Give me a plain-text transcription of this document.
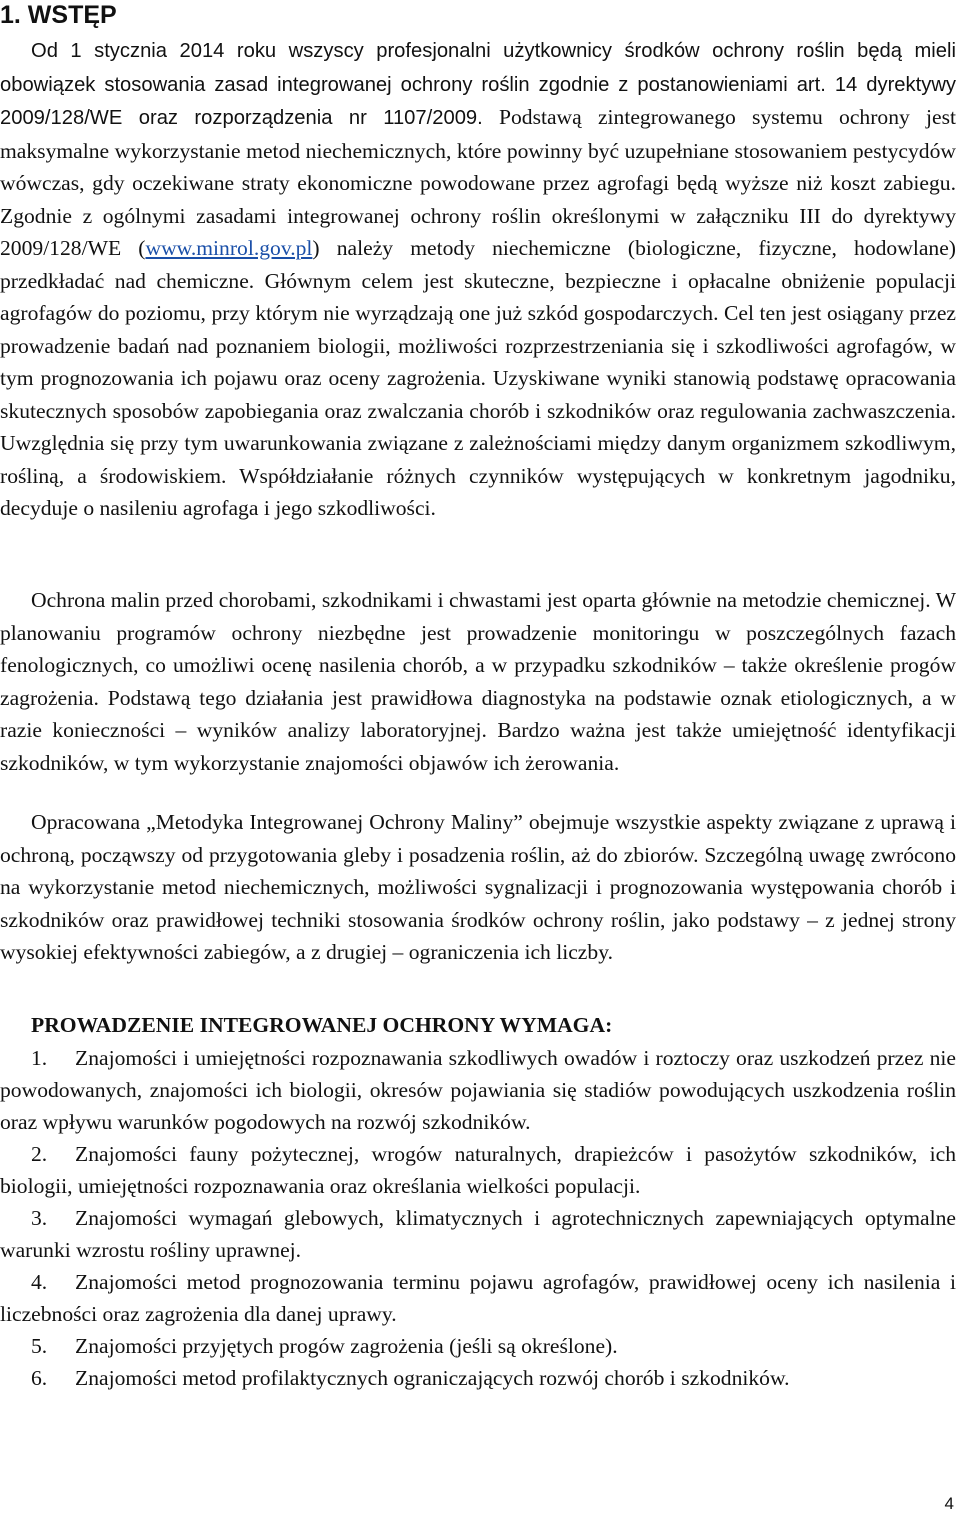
1. WSTĘP

Od 1 stycznia 2014 roku wszyscy profesjonalni użytkownicy środków ochrony roślin będą mieli obowiązek stosowania zasad integrowanej ochrony roślin zgodnie z postanowieniami art. 14 dyrektywy 2009/128/WE oraz rozporządzenia nr 1107/2009. Podstawą zintegrowanego systemu ochrony jest maksymalne wykorzystanie metod niechemicznych, które powinny być uzupełniane stosowaniem pestycydów wówczas, gdy oczekiwane straty ekonomiczne powodowane przez agrofagi będą wyższe niż koszt zabiegu. Zgodnie z ogólnymi zasadami integrowanej ochrony roślin określonymi w załączniku III do dyrektywy 2009/128/WE (www.minrol.gov.pl) należy metody niechemiczne (biologiczne, fizyczne, hodowlane) przedkładać nad chemiczne. Głównym celem jest skuteczne, bezpieczne i opłacalne obniżenie populacji agrofagów do poziomu, przy którym nie wyrządzają one już szkód gospodarczych. Cel ten jest osiągany przez prowadzenie badań nad poznaniem biologii, możliwości rozprzestrzeniania się i szkodliwości agrofagów, w tym prognozowania ich pojawu oraz oceny zagrożenia. Uzyskiwane wyniki stanowią podstawę opracowania skutecznych sposobów zapobiegania oraz zwalczania chorób i szkodników oraz regulowania zachwaszczenia. Uwzględnia się przy tym uwarunkowania związane z zależnościami między danym organizmem szkodliwym, rośliną, a środowiskiem. Współdziałanie różnych czynników występujących w konkretnym jagodniku, decyduje o nasileniu agrofaga i jego szkodliwości.

Ochrona malin przed chorobami, szkodnikami i chwastami jest oparta głównie na metodzie chemicznej. W planowaniu programów ochrony niezbędne jest prowadzenie monitoringu w poszczególnych fazach fenologicznych, co umożliwi ocenę nasilenia chorób, a w przypadku szkodników – także określenie progów zagrożenia. Podstawą tego działania jest prawidłowa diagnostyka na podstawie oznak etiologicznych, a w razie konieczności – wyników analizy laboratoryjnej. Bardzo ważna jest także umiejętność identyfikacji szkodników, w tym wykorzystanie znajomości objawów ich żerowania.

Opracowana „Metodyka Integrowanej Ochrony Maliny” obejmuje wszystkie aspekty związane z uprawą i ochroną, począwszy od przygotowania gleby i posadzenia roślin, aż do zbiorów. Szczególną uwagę zwrócono na wykorzystanie metod niechemicznych, możliwości sygnalizacji i prognozowania występowania chorób i szkodników oraz prawidłowej techniki stosowania środków ochrony roślin, jako podstawy – z jednej strony wysokiej efektywności zabiegów, a z drugiej – ograniczenia ich liczby.

PROWADZENIE INTEGROWANEJ OCHRONY WYMAGA:
1. Znajomości i umiejętności rozpoznawania szkodliwych owadów i roztoczy oraz uszkodzeń przez nie powodowanych, znajomości ich biologii, okresów pojawiania się stadiów powodujących uszkodzenia roślin oraz wpływu warunków pogodowych na rozwój szkodników.
2. Znajomości fauny pożytecznej, wrogów naturalnych, drapieżców i pasożytów szkodników, ich biologii, umiejętności rozpoznawania oraz określania wielkości populacji.
3. Znajomości wymagań glebowych, klimatycznych i agrotechnicznych zapewniających optymalne warunki wzrostu rośliny uprawnej.
4. Znajomości metod prognozowania terminu pojawu agrofagów, prawidłowej oceny ich nasilenia i liczebności oraz zagrożenia dla danej uprawy.
5. Znajomości przyjętych progów zagrożenia (jeśli są określone).
6. Znajomości metod profilaktycznych ograniczających rozwój chorób i szkodników.
4
